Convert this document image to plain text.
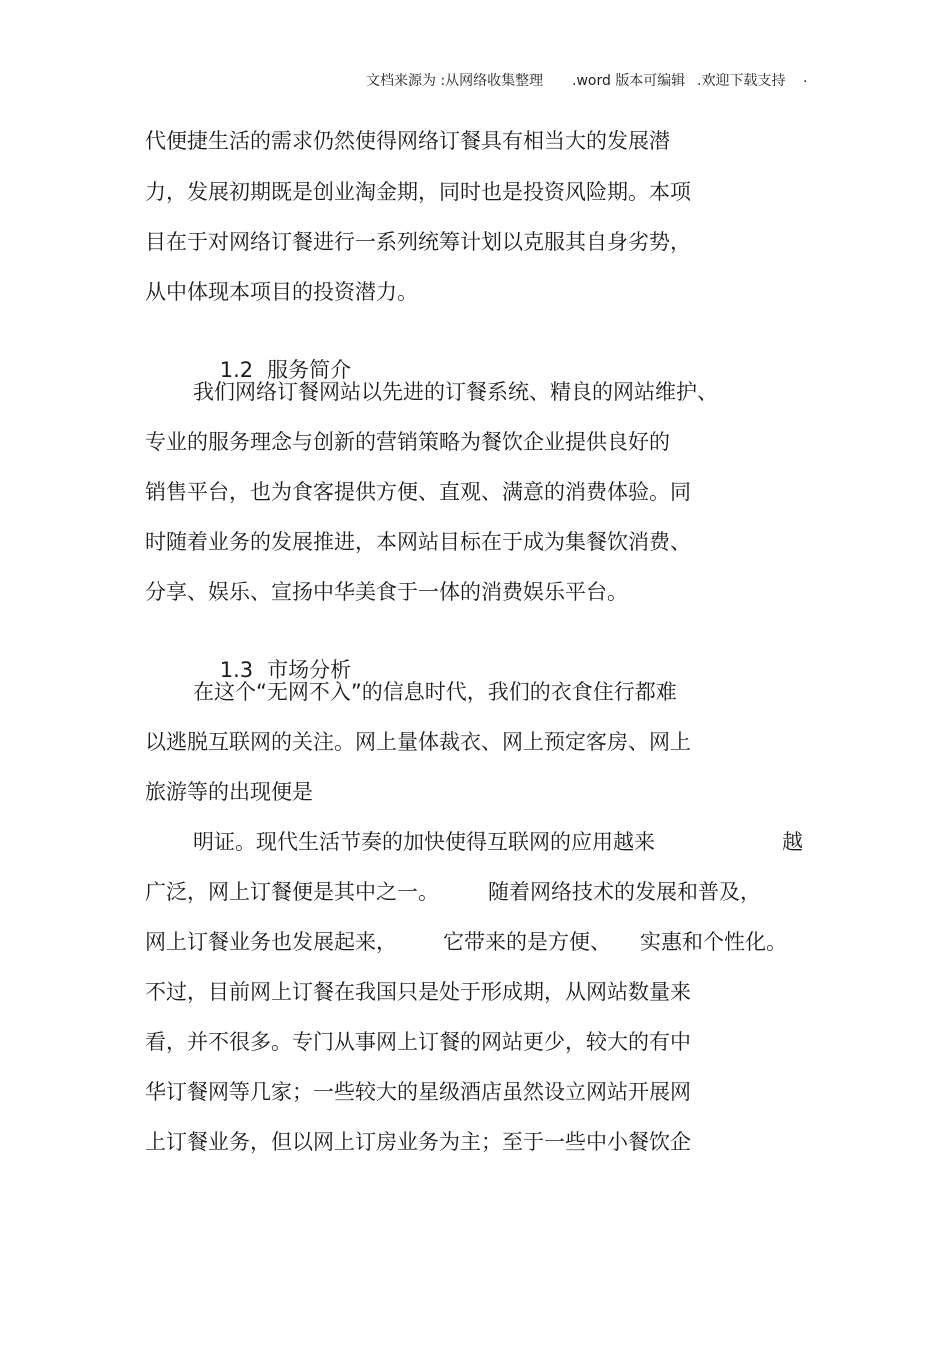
文档来源为 :从网络收集整理 .word 版本可编辑 .欢迎下载支持 .
代便捷生活的需求仍然使得网络订餐具有相当大的发展潜
力，发展初期既是创业淘金期，同时也是投资风险期。本项
目在于对网络订餐进行一系列统筹计划以克服其自身劣势，
从中体现本项目的投资潜力。

1.2 服务简介

我们网络订餐网站以先进的订餐系统、精良的网站维护、
专业的服务理念与创新的营销策略为餐饮企业提供良好的
销售平台，也为食客提供方便、直观、满意的消费体验。同
时随着业务的发展推进，本网站目标在于成为集餐饮消费、
分享、娱乐、宣扬中华美食于一体的消费娱乐平台。

1.3 市场分析

在这个“无网不入”的信息时代，我们的衣食住行都难
以逃脱互联网的关注。网上量体裁衣、网上预定客房、网上
旅游等的出现便是
明证。现代生活节奏的加快使得互联网的应用越来	越
广泛，网上订餐便是其中之一。 随着网络技术的发展和普及，
网上订餐业务也发展起来， 它带来的是方便、 实惠和个性化。
不过，目前网上订餐在我国只是处于形成期，从网站数量来
看，并不很多。专门从事网上订餐的网站更少，较大的有中
华订餐网等几家；一些较大的星级酒店虽然设立网站开展网
上订餐业务，但以网上订房业务为主；至于一些中小餐饮企
